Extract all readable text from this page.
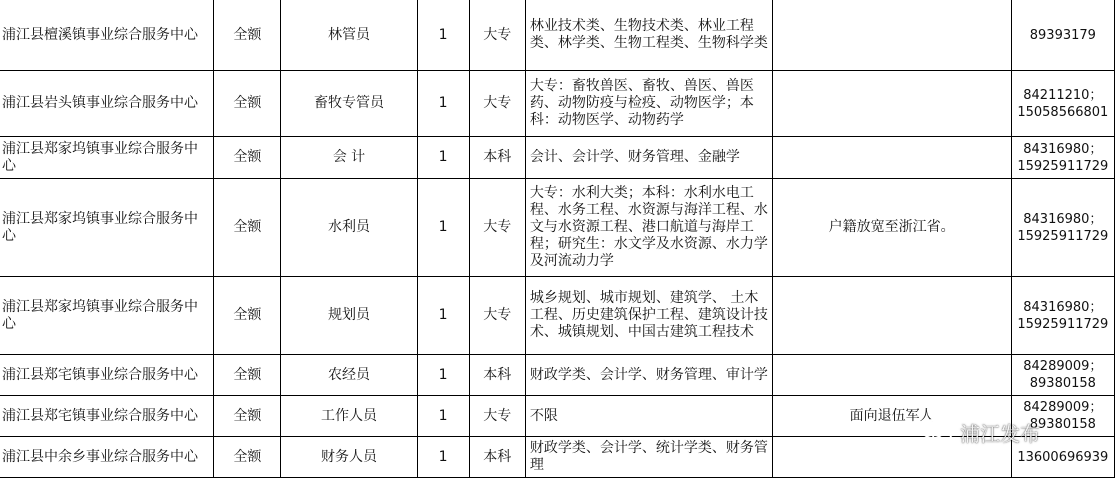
浦江县檀溪镇事业综合服务中心	全额	林管员	1	大专	林业技术类、生物技术类、林业工程类、林学类、生物工程类、生物科学类		89393179
浦江县岩头镇事业综合服务中心	全额	畜牧专管员	1	大专	大专：畜牧兽医、畜牧、兽医、兽医药、动物防疫与检疫、动物医学；本科：动物医学、动物药学		84211210；15058566801
浦江县郑家坞镇事业综合服务中心	全额	会 计	1	本科	会计、会计学、财务管理、金融学		84316980；15925911729
浦江县郑家坞镇事业综合服务中心	全额	水利员	1	大专	大专：水利大类；本科：水利水电工程、水务工程、水资源与海洋工程、水文与水资源工程、港口航道与海岸工程；研究生：水文学及水资源、水力学及河流动力学	户籍放宽至浙江省。	84316980；15925911729
浦江县郑家坞镇事业综合服务中心	全额	规划员	1	大专	城乡规划、城市规划、建筑学、 土木工程、历史建筑保护工程、建筑设计技术、城镇规划、中国古建筑工程技术		84316980；15925911729
浦江县郑宅镇事业综合服务中心	全额	农经员	1	本科	财政学类、会计学、财务管理、审计学		84289009；89380158
浦江县郑宅镇事业综合服务中心	全额	工作人员	1	大专	不限	面向退伍军人	84289009；89380158
浦江县中余乡事业综合服务中心	全额	财务人员	1	本科	财政学类、会计学、统计学类、财务管理		13600696939
浦江发布
